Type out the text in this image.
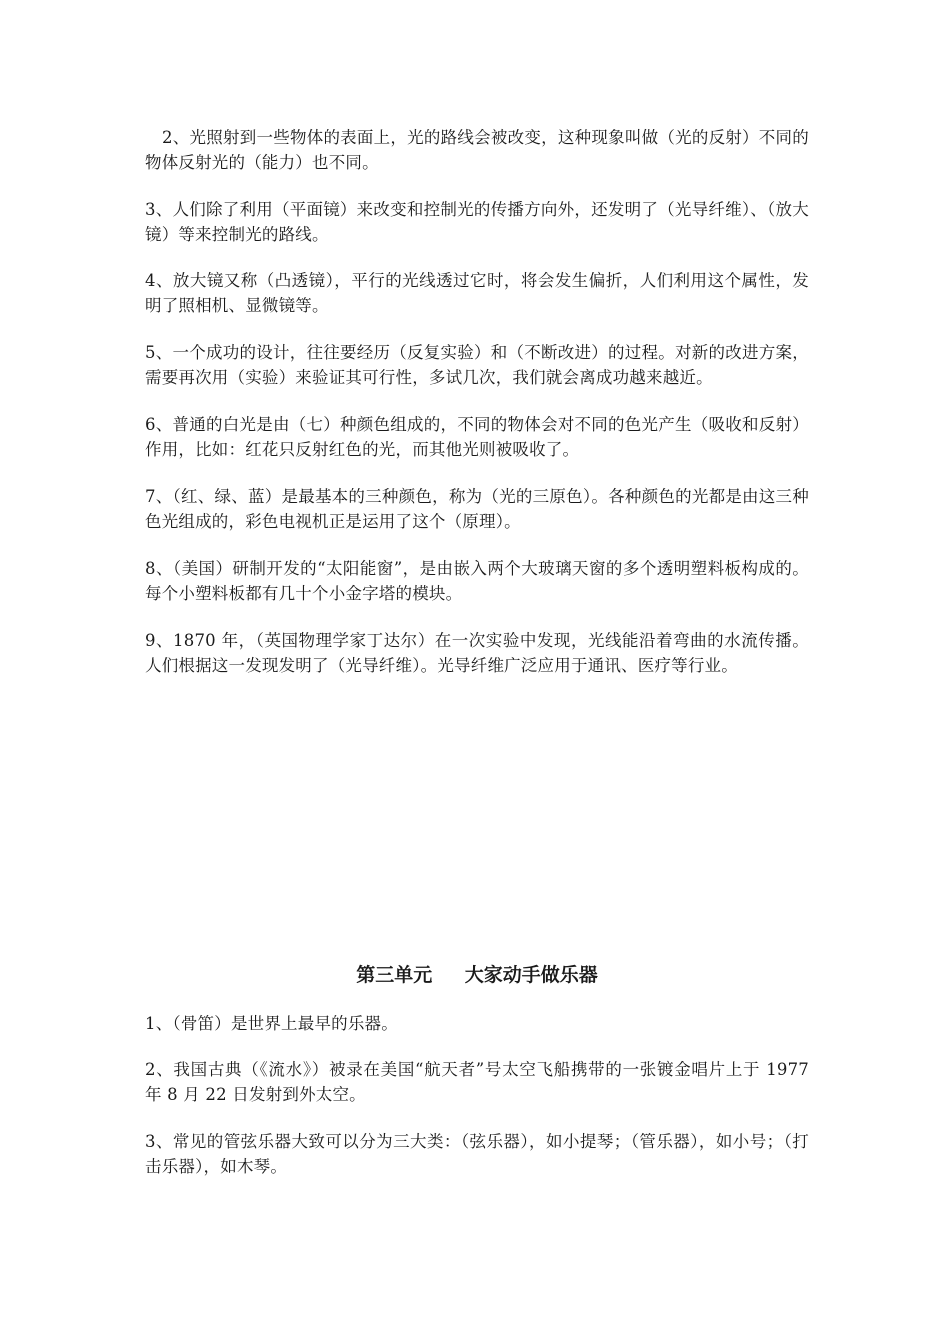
2、光照射到一些物体的表面上，光的路线会被改变，这种现象叫做（光的反射）不同的物体反射光的（能力）也不同。

3、人们除了利用（平面镜）来改变和控制光的传播方向外，还发明了（光导纤维）、（放大镜）等来控制光的路线。

4、放大镜又称（凸透镜），平行的光线透过它时，将会发生偏折，人们利用这个属性，发明了照相机、显微镜等。

5、一个成功的设计，往往要经历（反复实验）和（不断改进）的过程。对新的改进方案，需要再次用（实验）来验证其可行性，多试几次，我们就会离成功越来越近。

6、普通的白光是由（七）种颜色组成的，不同的物体会对不同的色光产生（吸收和反射）作用，比如：红花只反射红色的光，而其他光则被吸收了。

7、（红、绿、蓝）是最基本的三种颜色，称为（光的三原色）。各种颜色的光都是由这三种色光组成的，彩色电视机正是运用了这个（原理）。

8、（美国）研制开发的“太阳能窗”，是由嵌入两个大玻璃天窗的多个透明塑料板构成的。每个小塑料板都有几十个小金字塔的模块。

9、1870 年，（英国物理学家丁达尔）在一次实验中发现，光线能沿着弯曲的水流传播。人们根据这一发现发明了（光导纤维）。光导纤维广泛应用于通讯、医疗等行业。

第三单元 大家动手做乐器

1、（骨笛）是世界上最早的乐器。

2、我国古典（《流水》）被录在美国“航天者”号太空飞船携带的一张镀金唱片上于 1977 年 8 月 22 日发射到外太空。

3、常见的管弦乐器大致可以分为三大类：（弦乐器），如小提琴；（管乐器），如小号；（打击乐器），如木琴。
